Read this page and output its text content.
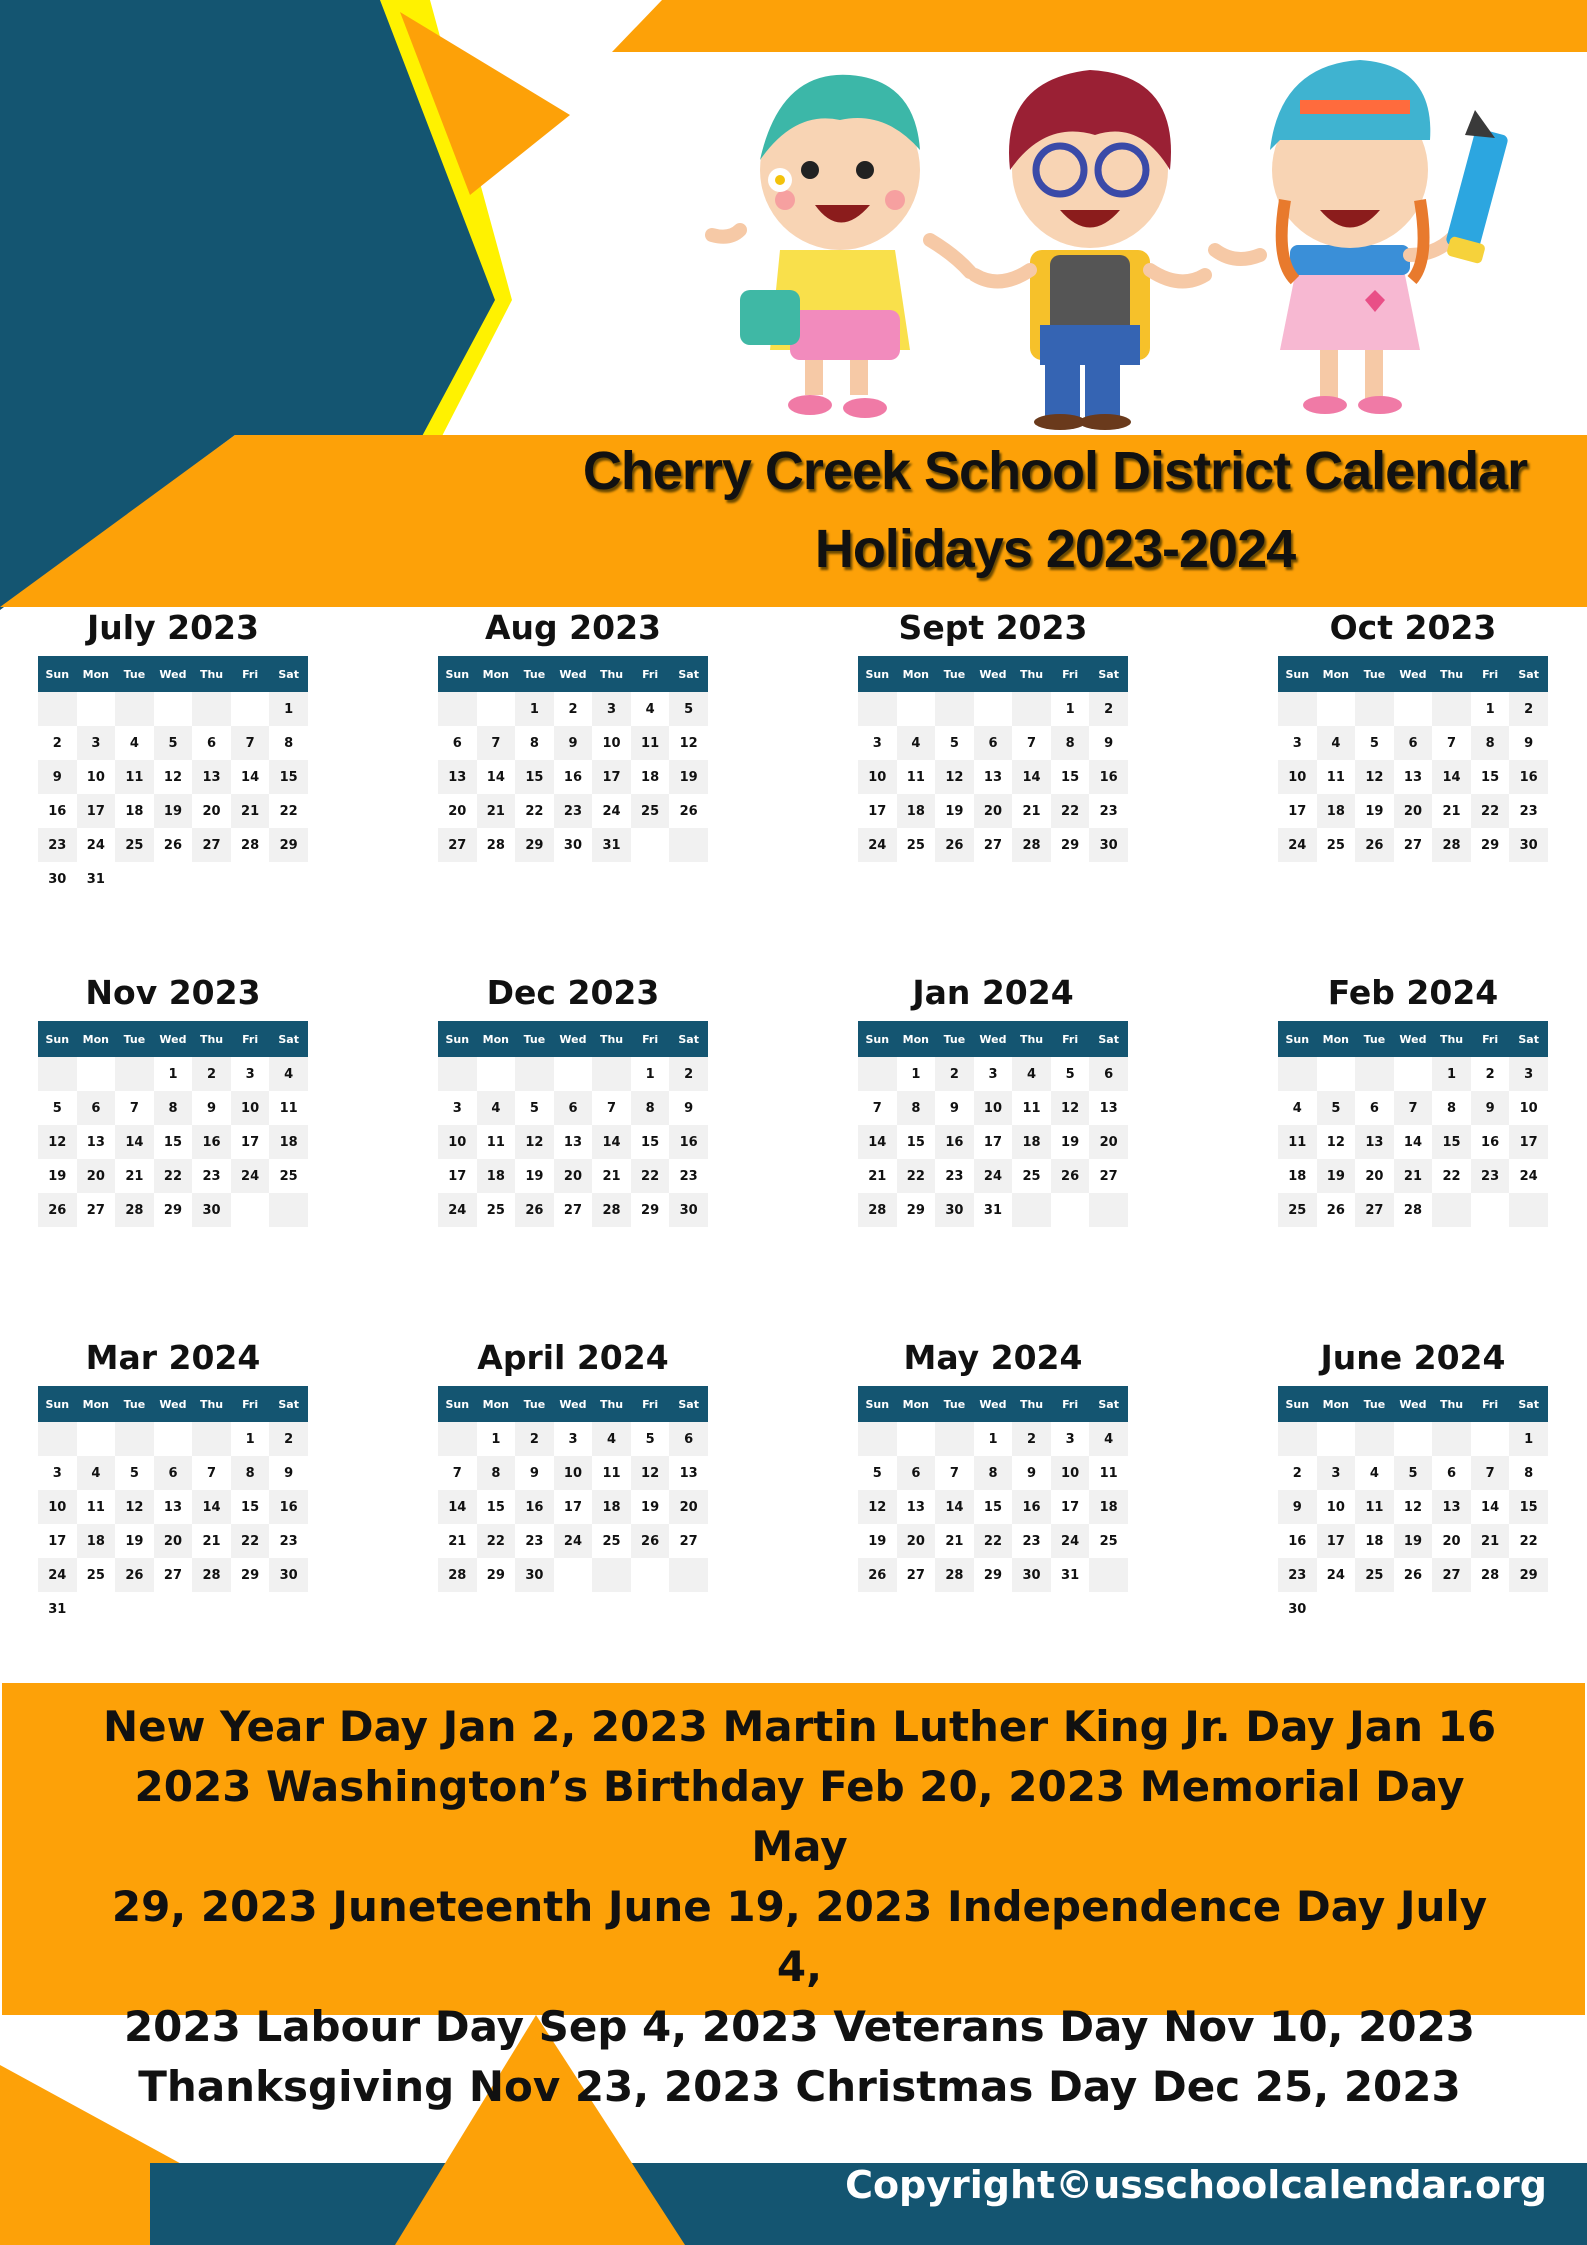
Cherry Creek School District Calendar
Holidays 2023-2024
July 2023
Sun	Mon	Tue	Wed	Thu	Fri	Sat
						1
2	3	4	5	6	7	8
9	10	11	12	13	14	15
16	17	18	19	20	21	22
23	24	25	26	27	28	29
30	31					
Aug 2023
Sun	Mon	Tue	Wed	Thu	Fri	Sat
		1	2	3	4	5
6	7	8	9	10	11	12
13	14	15	16	17	18	19
20	21	22	23	24	25	26
27	28	29	30	31		
Sept 2023
Sun	Mon	Tue	Wed	Thu	Fri	Sat
					1	2
3	4	5	6	7	8	9
10	11	12	13	14	15	16
17	18	19	20	21	22	23
24	25	26	27	28	29	30
Oct 2023
Sun	Mon	Tue	Wed	Thu	Fri	Sat
					1	2
3	4	5	6	7	8	9
10	11	12	13	14	15	16
17	18	19	20	21	22	23
24	25	26	27	28	29	30
Nov 2023
Sun	Mon	Tue	Wed	Thu	Fri	Sat
			1	2	3	4
5	6	7	8	9	10	11
12	13	14	15	16	17	18
19	20	21	22	23	24	25
26	27	28	29	30		
Dec 2023
Sun	Mon	Tue	Wed	Thu	Fri	Sat
					1	2
3	4	5	6	7	8	9
10	11	12	13	14	15	16
17	18	19	20	21	22	23
24	25	26	27	28	29	30
Jan 2024
Sun	Mon	Tue	Wed	Thu	Fri	Sat
	1	2	3	4	5	6
7	8	9	10	11	12	13
14	15	16	17	18	19	20
21	22	23	24	25	26	27
28	29	30	31			
Feb 2024
Sun	Mon	Tue	Wed	Thu	Fri	Sat
				1	2	3
4	5	6	7	8	9	10
11	12	13	14	15	16	17
18	19	20	21	22	23	24
25	26	27	28			
Mar 2024
Sun	Mon	Tue	Wed	Thu	Fri	Sat
					1	2
3	4	5	6	7	8	9
10	11	12	13	14	15	16
17	18	19	20	21	22	23
24	25	26	27	28	29	30
31						
April 2024
Sun	Mon	Tue	Wed	Thu	Fri	Sat
	1	2	3	4	5	6
7	8	9	10	11	12	13
14	15	16	17	18	19	20
21	22	23	24	25	26	27
28	29	30				
May 2024
Sun	Mon	Tue	Wed	Thu	Fri	Sat
			1	2	3	4
5	6	7	8	9	10	11
12	13	14	15	16	17	18
19	20	21	22	23	24	25
26	27	28	29	30	31	
June 2024
Sun	Mon	Tue	Wed	Thu	Fri	Sat
						1
2	3	4	5	6	7	8
9	10	11	12	13	14	15
16	17	18	19	20	21	22
23	24	25	26	27	28	29
30						
New Year Day Jan 2, 2023 Martin Luther King Jr. Day Jan 16
2023 Washington’s Birthday Feb 20, 2023 Memorial Day May
29, 2023 Juneteenth June 19, 2023 Independence Day July 4,
2023 Labour Day Sep 4, 2023 Veterans Day Nov 10, 2023
Thanksgiving Nov 23, 2023 Christmas Day Dec 25, 2023
Copyright©usschoolcalendar.org
